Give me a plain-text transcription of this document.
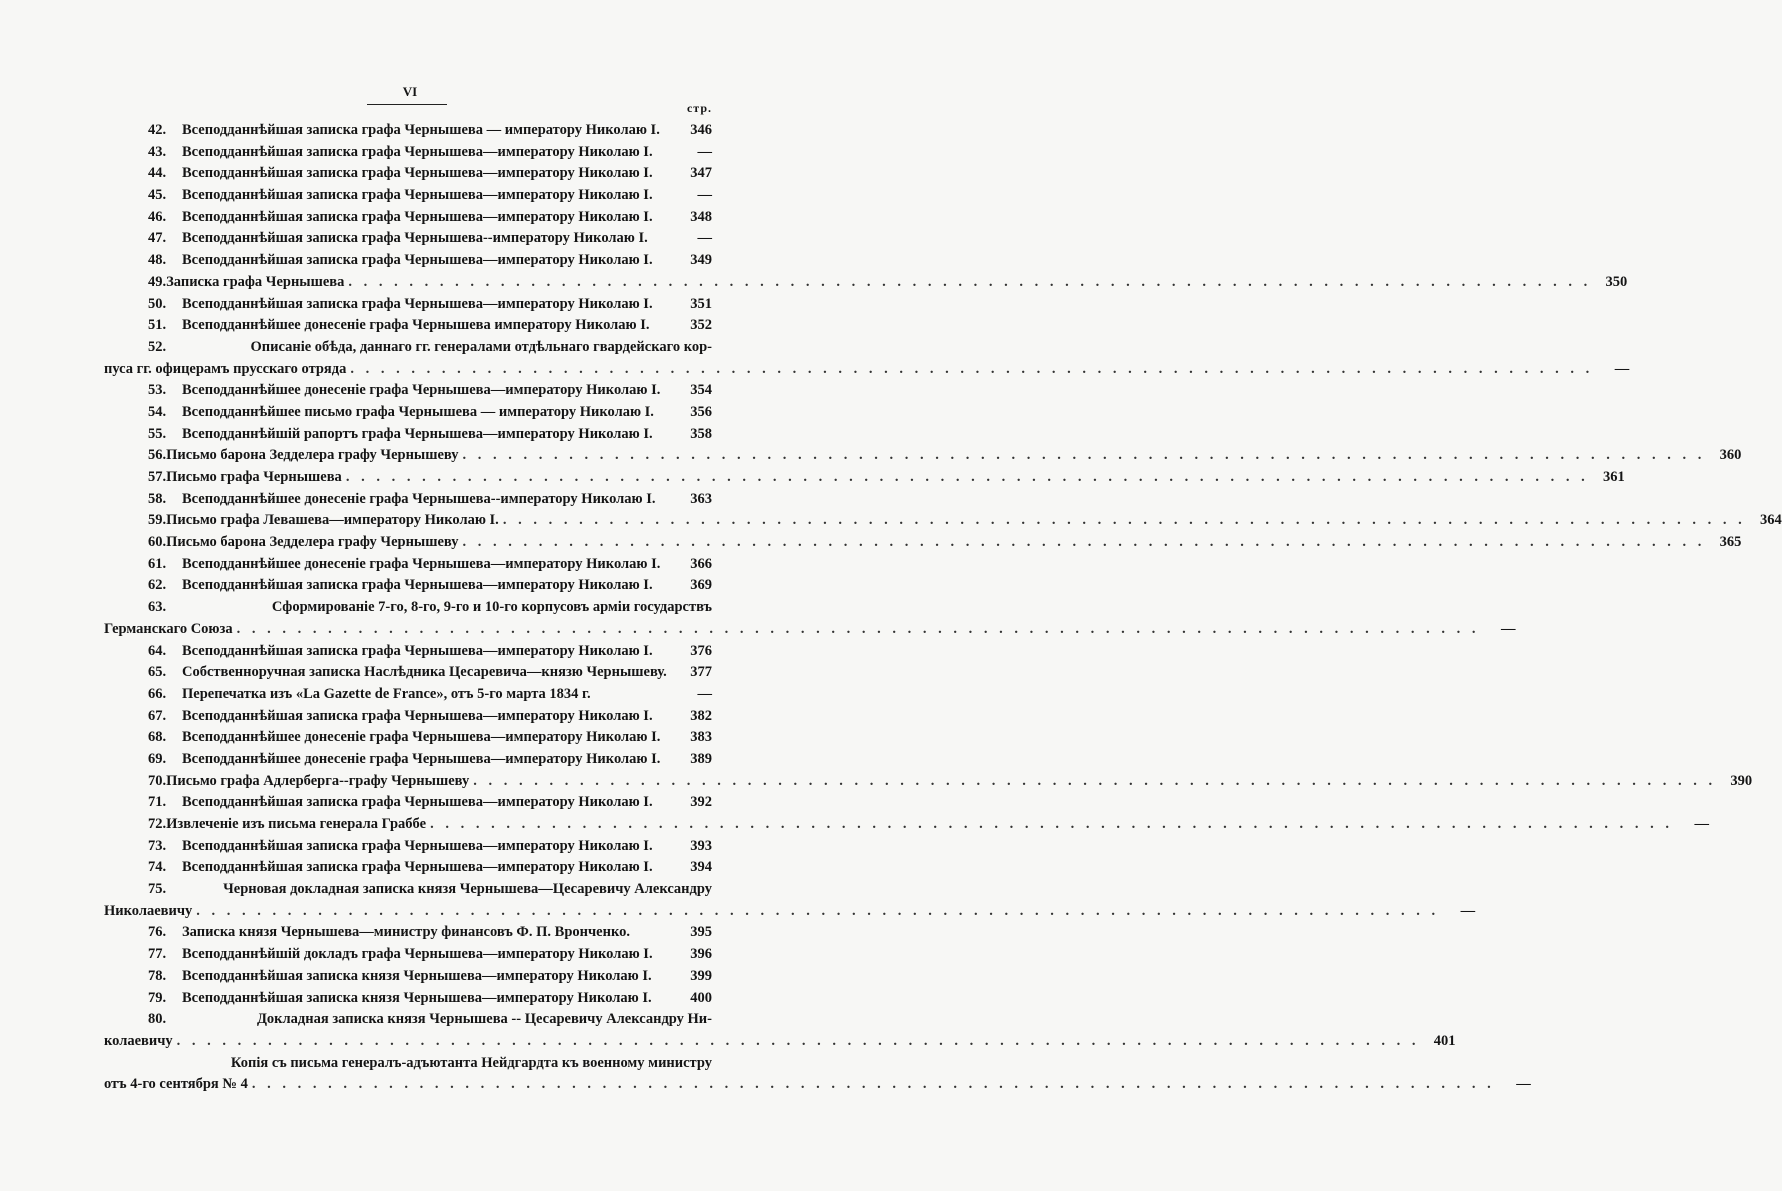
VI
стр.
42.	Всеподданнѣйшая записка графа Чернышева — императору Николаю I.	346
43.	Всеподданнѣйшая записка графа Чернышева—императору Николаю I.	—
44.	Всеподданнѣйшая записка графа Чернышева—императору Николаю I.	347
45.	Всеподданнѣйшая записка графа Чернышева—императору Николаю I.	—
46.	Всеподданнѣйшая записка графа Чернышева—императору Николаю I.	348
47.	Всеподданнѣйшая записка графа Чернышева--императору Николаю I.	—
48.	Всеподданнѣйшая записка графа Чернышева—императору Николаю I.	349
49. Записка графа Чернышева . . .	350
50.	Всеподданнѣйшая записка графа Чернышева—императору Николаю I.	351
51.	Всеподданнѣйшее донесеніе графа Чернышева императору Николаю I.	352
52.	Описаніе обѣда, даннаго гг. генералами отдѣльнаго гвардейскаго кор-
пуса гг. офицерамъ прусскаго отряда . . .	—
53.	Всеподданнѣйшее донесеніе графа Чернышева—императору Николаю I.	354
54.	Всеподданнѣйшее письмо графа Чернышева — императору Николаю I.	356
55.	Всеподданнѣйшій рапортъ графа Чернышева—императору Николаю I.	358
56. Письмо барона Зедделера графу Чернышеву . . .	360
57. Письмо графа Чернышева . . .	361
58.	Всеподданнѣйшее донесеніе графа Чернышева--императору Николаю I.	363
59. Письмо графа Левашева—императору Николаю I. . . .	364
60. Письмо барона Зедделера графу Чернышеву . . .	365
61.	Всеподданнѣйшее донесеніе графа Чернышева—императору Николаю I.	366
62.	Всеподданнѣйшая записка графа Чернышева—императору Николаю I.	369
63.	Сформированіе 7-го, 8-го, 9-го и 10-го корпусовъ арміи государствъ
Германскаго Союза . . .	—
64.	Всеподданнѣйшая записка графа Чернышева—императору Николаю I.	376
65.	Собственноручная записка Наслѣдника Цесаревича—князю Чернышеву.	377
66.	Перепечатка изъ «La Gazette de France», отъ 5-го марта 1834 г.	—
67.	Всеподданнѣйшая записка графа Чернышева—императору Николаю I.	382
68.	Всеподданнѣйшее донесеніе графа Чернышева—императору Николаю I.	383
69.	Всеподданнѣйшее донесеніе графа Чернышева—императору Николаю I.	389
70. Письмо графа Адлерберга--графу Чернышеву . . .	390
71.	Всеподданнѣйшая записка графа Чернышева—императору Николаю I.	392
72. Извлеченіе изъ письма генерала Граббе . . .	—
73.	Всеподданнѣйшая записка графа Чернышева—императору Николаю I.	393
74.	Всеподданнѣйшая записка графа Чернышева—императору Николаю I.	394
75.	Черновая докладная записка князя Чернышева—Цесаревичу Александру
Николаевичу . . .	—
76.	Записка князя Чернышева—министру финансовъ Ф. П. Вронченко.	395
77.	Всеподданнѣйшій докладъ графа Чернышева—императору Николаю I.	396
78.	Всеподданнѣйшая записка князя Чернышева—императору Николаю I.	399
79.	Всеподданнѣйшая записка князя Чернышева—императору Николаю I.	400
80.	Докладная записка князя Чернышева -- Цесаревичу Александру Ни-
колаевичу . . .	401
Копія съ письма генералъ-адъютанта Нейдгардта къ военному министру
отъ 4-го сентября № 4 . . .	—
